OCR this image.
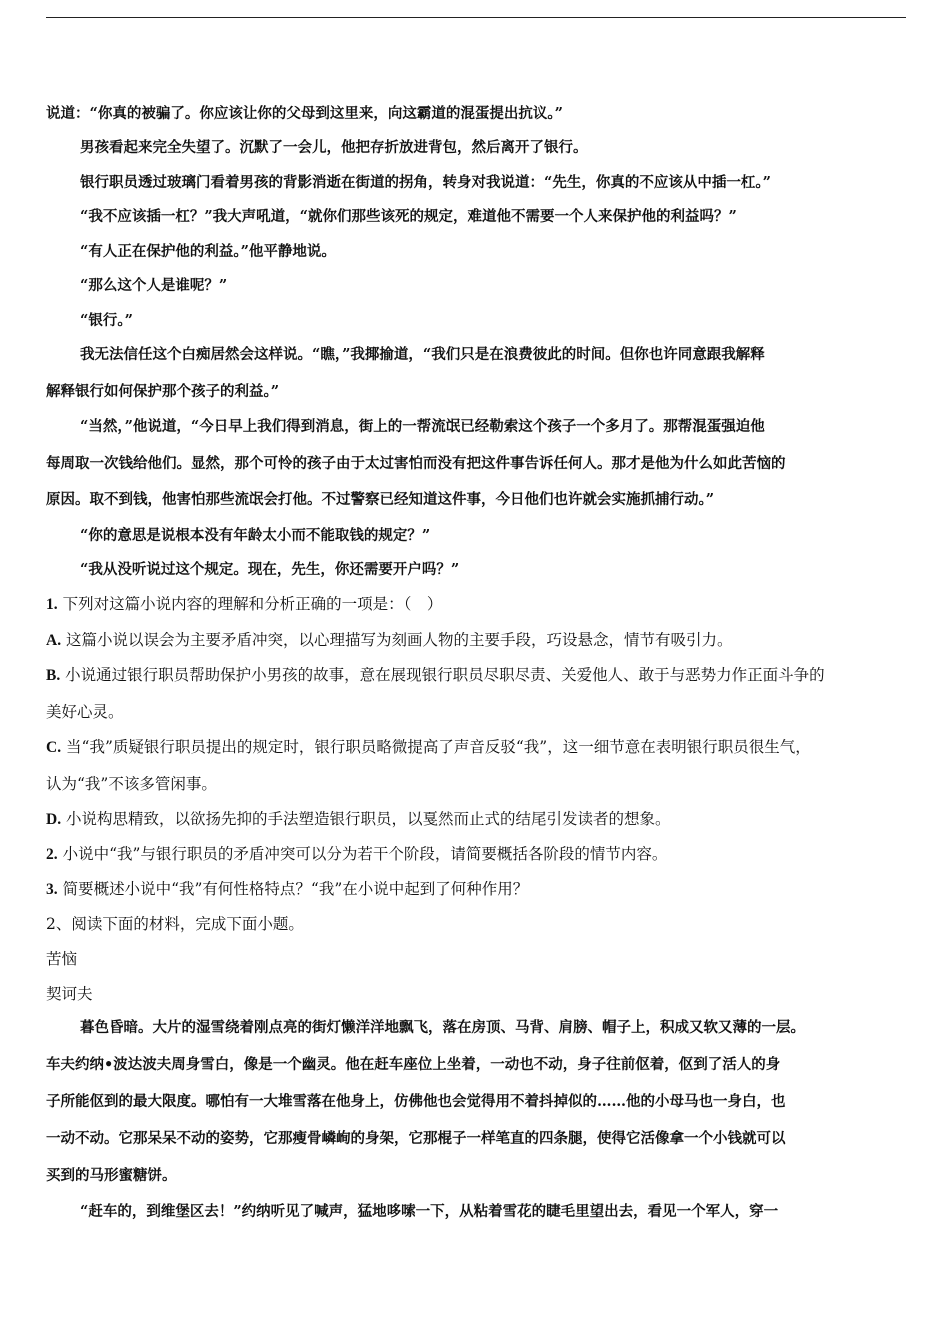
说道：“你真的被骗了。你应该让你的父母到这里来，向这霸道的混蛋提出抗议。”
男孩看起来完全失望了。沉默了一会儿，他把存折放进背包，然后离开了银行。
银行职员透过玻璃门看着男孩的背影消逝在街道的拐角，转身对我说道：“先生，你真的不应该从中插一杠。”
“我不应该插一杠？”我大声吼道，“就你们那些该死的规定，难道他不需要一个人来保护他的利益吗？”
“有人正在保护他的利益。”他平静地说。
“那么这个人是谁呢？”
“银行。”
我无法信任这个白痴居然会这样说。“瞧，”我揶揄道，“我们只是在浪费彼此的时间。但你也许同意跟我解释
解释银行如何保护那个孩子的利益。”
“当然，”他说道，“今日早上我们得到消息，街上的一帮流氓已经勒索这个孩子一个多月了。那帮混蛋强迫他
每周取一次钱给他们。显然，那个可怜的孩子由于太过害怕而没有把这件事告诉任何人。那才是他为什么如此苦恼的
原因。取不到钱，他害怕那些流氓会打他。不过警察已经知道这件事，今日他们也许就会实施抓捕行动。”
“你的意思是说根本没有年龄太小而不能取钱的规定？”
“我从没听说过这个规定。现在，先生，你还需要开户吗？”
1. 下列对这篇小说内容的理解和分析正确的一项是：（　）
A. 这篇小说以误会为主要矛盾冲突，以心理描写为刻画人物的主要手段，巧设悬念，情节有吸引力。
B. 小说通过银行职员帮助保护小男孩的故事，意在展现银行职员尽职尽责、关爱他人、敢于与恶势力作正面斗争的
美好心灵。
C. 当“我”质疑银行职员提出的规定时，银行职员略微提高了声音反驳“我”，这一细节意在表明银行职员很生气，
认为“我”不该多管闲事。
D. 小说构思精致，以欲扬先抑的手法塑造银行职员，以戛然而止式的结尾引发读者的想象。
2. 小说中“我”与银行职员的矛盾冲突可以分为若干个阶段，请简要概括各阶段的情节内容。
3. 简要概述小说中“我”有何性格特点？“我”在小说中起到了何种作用？
2、阅读下面的材料，完成下面小题。
苦恼
契诃夫
暮色昏暗。大片的湿雪绕着刚点亮的街灯懒洋洋地飘飞，落在房顶、马背、肩膀、帽子上，积成又软又薄的一层。
车夫约纳•波达波夫周身雪白，像是一个幽灵。他在赶车座位上坐着，一动也不动，身子往前伛着，伛到了活人的身
子所能伛到的最大限度。哪怕有一大堆雪落在他身上，仿佛他也会觉得用不着抖掉似的……他的小母马也一身白，也
一动不动。它那呆呆不动的姿势，它那瘦骨嶙峋的身架，它那棍子一样笔直的四条腿，使得它活像拿一个小钱就可以
买到的马形蜜糖饼。
“赶车的，到维堡区去！”约纳听见了喊声，猛地哆嗦一下，从粘着雪花的睫毛里望出去，看见一个军人，穿一
